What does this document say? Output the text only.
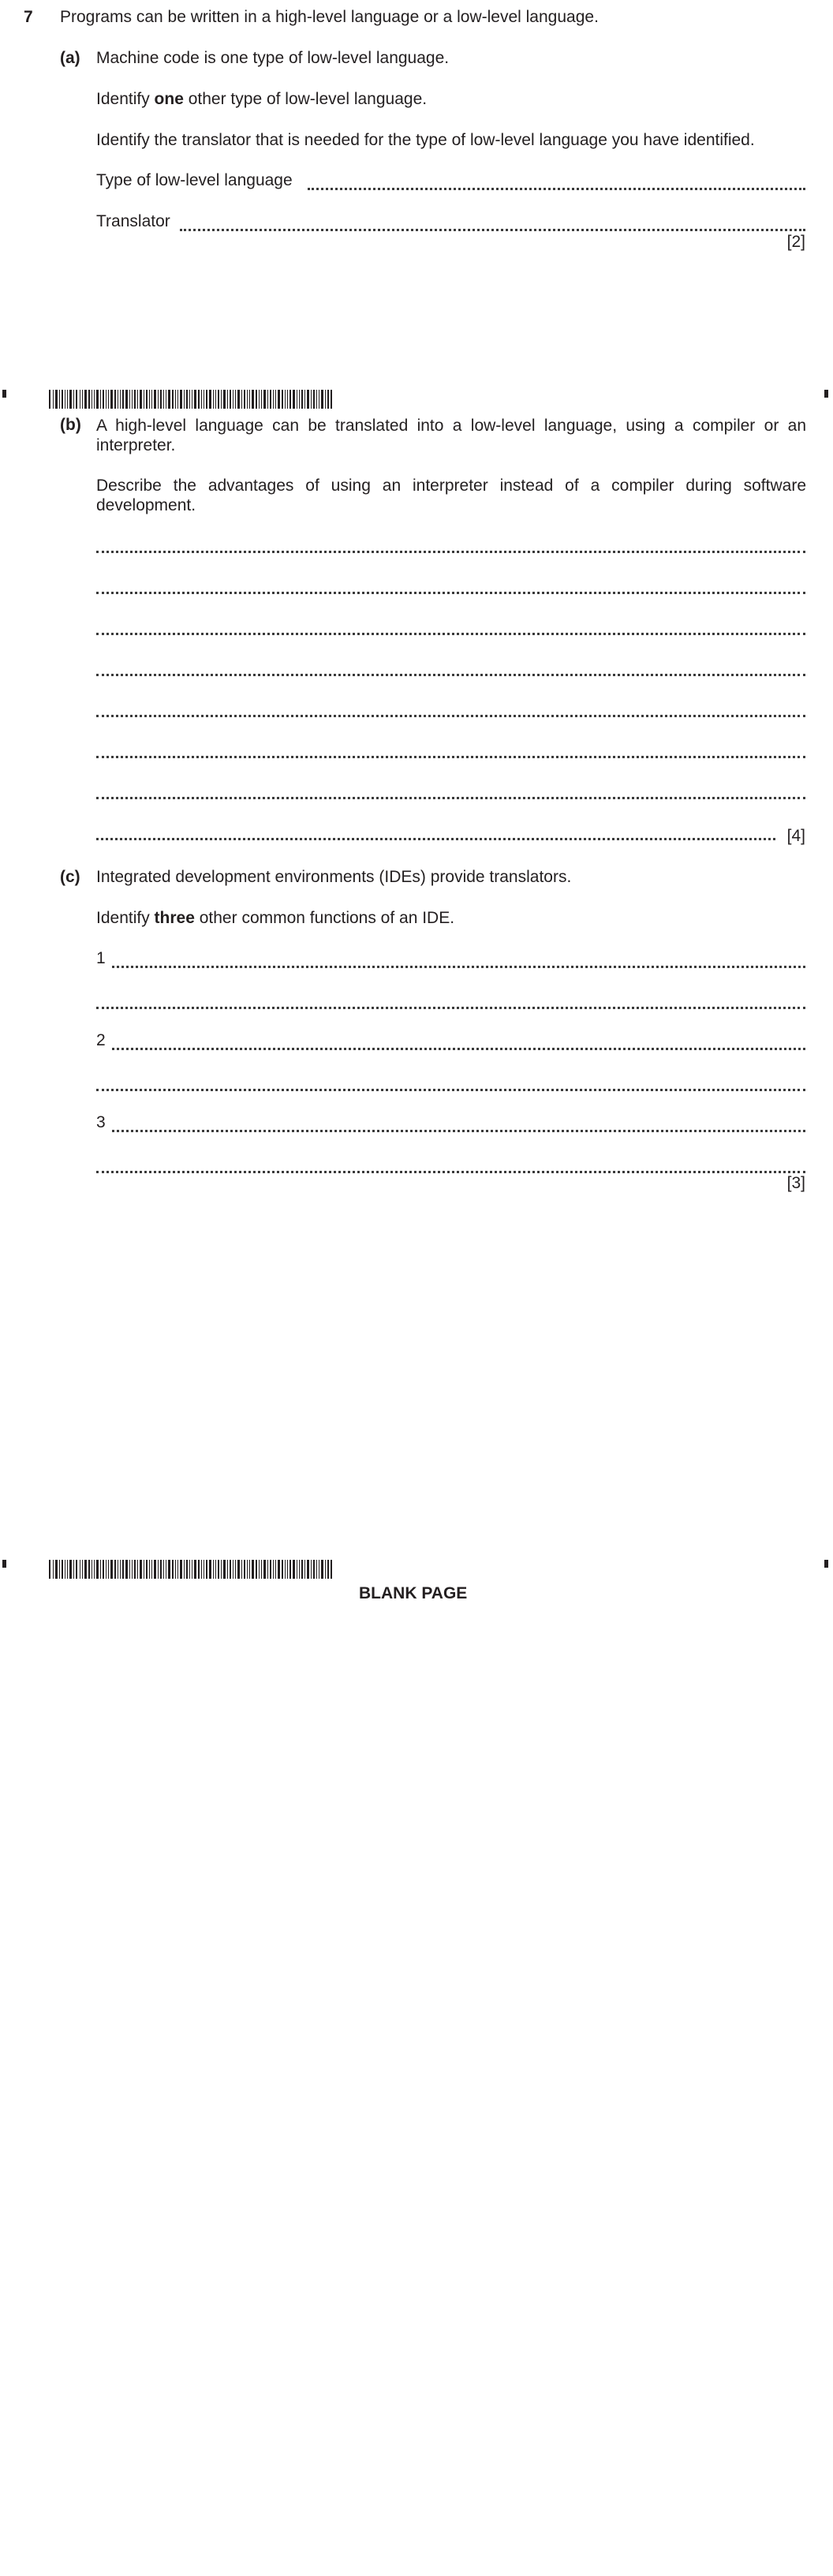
7 Programs can be written in a high-level language or a low-level language.
(a) Machine code is one type of low-level language.
Identify one other type of low-level language.
Identify the translator that is needed for the type of low-level language you have identified.
Type of low-level language
Translator
[2]
(b) A high-level language can be translated into a low-level language, using a compiler or an interpreter.
Describe the advantages of using an interpreter instead of a compiler during software development.
[4]
(c) Integrated development environments (IDEs) provide translators.
Identify three other common functions of an IDE.
1
2
3
[3]
BLANK PAGE
